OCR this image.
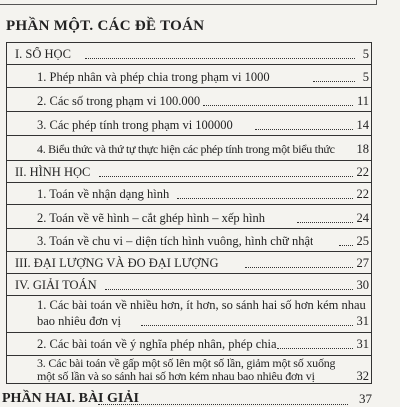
PHẦN MỘT. CÁC ĐỀ TOÁN
I. SỐ HỌC	5
1. Phép nhân và phép chia trong phạm vi 1000	5
2. Các số trong phạm vi 100.000	11
3. Các phép tính trong phạm vi 100000	14
4. Biểu thức và thứ tự thực hiện các phép tính trong một biểu thức 18
II. HÌNH HỌC	22
1. Toán về nhận dạng hình	22
2. Toán về vẽ hình – cắt ghép hình – xếp hình	24
3. Toán về chu vi – diện tích hình vuông, hình chữ nhật	25
III. ĐẠI LƯỢNG VÀ ĐO ĐẠI LƯỢNG	27
IV. GIẢI TOÁN	30
1. Các bài toán về nhiều hơn, ít hơn, so sánh hai số hơn kém nhau
bao nhiêu đơn vị	31
2. Các bài toán về ý nghĩa phép nhân, phép chia	31
3. Các bài toán về gấp một số lên một số lần, giảm một số xuống
một số lần và so sánh hai số hơn kém nhau bao nhiêu đơn vị	32
PHẦN HAI. BÀI GIẢI	37
